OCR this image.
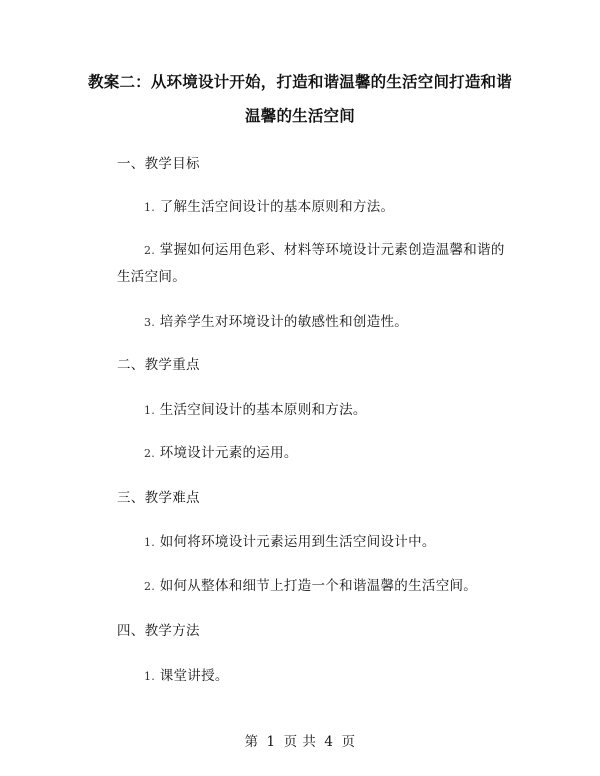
教案二：从环境设计开始，打造和谐温馨的生活空间打造和谐
温馨的生活空间
一、教学目标
1. 了解生活空间设计的基本原则和方法。
2. 掌握如何运用色彩、材料等环境设计元素创造温馨和谐的
生活空间。
3. 培养学生对环境设计的敏感性和创造性。
二、教学重点
1. 生活空间设计的基本原则和方法。
2. 环境设计元素的运用。
三、教学难点
1. 如何将环境设计元素运用到生活空间设计中。
2. 如何从整体和细节上打造一个和谐温馨的生活空间。
四、教学方法
1. 课堂讲授。
第 1 页 共 4 页
